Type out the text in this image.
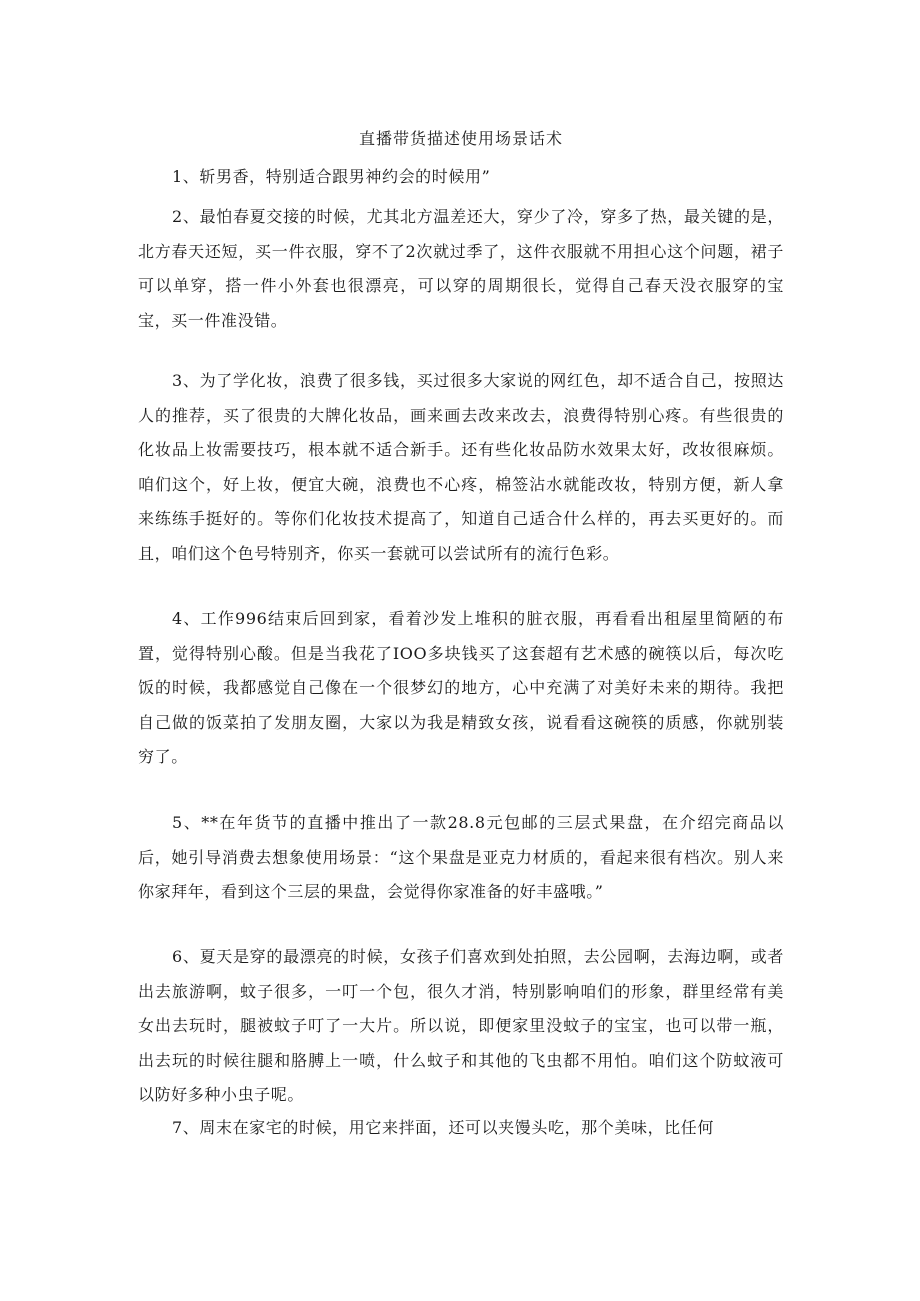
直播带货描述使用场景话术

1、斩男香，特别适合跟男神约会的时候用”

2、最怕春夏交接的时候，尤其北方温差还大，穿少了冷，穿多了热，最关键的是，北方春天还短，买一件衣服，穿不了2次就过季了，这件衣服就不用担心这个问题，裙子可以单穿，搭一件小外套也很漂亮，可以穿的周期很长，觉得自己春天没衣服穿的宝宝，买一件准没错。

3、为了学化妆，浪费了很多钱，买过很多大家说的网红色，却不适合自己，按照达人的推荐，买了很贵的大牌化妆品，画来画去改来改去，浪费得特别心疼。有些很贵的化妆品上妆需要技巧，根本就不适合新手。还有些化妆品防水效果太好，改妆很麻烦。咱们这个，好上妆，便宜大碗，浪费也不心疼，棉签沾水就能改妆，特别方便，新人拿来练练手挺好的。等你们化妆技术提高了，知道自己适合什么样的，再去买更好的。而且，咱们这个色号特别齐，你买一套就可以尝试所有的流行色彩。

4、工作996结束后回到家，看着沙发上堆积的脏衣服，再看看出租屋里简陋的布置，觉得特别心酸。但是当我花了IOO多块钱买了这套超有艺术感的碗筷以后，每次吃饭的时候，我都感觉自己像在一个很梦幻的地方，心中充满了对美好未来的期待。我把自己做的饭菜拍了发朋友圈，大家以为我是精致女孩，说看看这碗筷的质感，你就别装穷了。

5、**在年货节的直播中推出了一款28.8元包邮的三层式果盘，在介绍完商品以后，她引导消费去想象使用场景：“这个果盘是亚克力材质的，看起来很有档次。别人来你家拜年，看到这个三层的果盘，会觉得你家准备的好丰盛哦。”

6、夏天是穿的最漂亮的时候，女孩子们喜欢到处拍照，去公园啊，去海边啊，或者出去旅游啊，蚊子很多，一叮一个包，很久才消，特别影响咱们的形象，群里经常有美女出去玩时，腿被蚊子叮了一大片。所以说，即便家里没蚊子的宝宝，也可以带一瓶，出去玩的时候往腿和胳膊上一喷，什么蚊子和其他的飞虫都不用怕。咱们这个防蚊液可以防好多种小虫子呢。

7、周末在家宅的时候，用它来拌面，还可以夹馒头吃，那个美味，比任何
